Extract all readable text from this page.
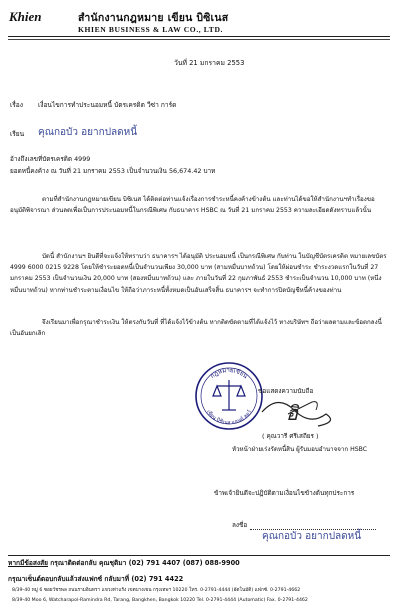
Khien	สำนักงานกฎหมาย เขียน บิซิเนส
KHIEN BUSINESS & LAW CO., LTD.
วันที่ 21 มกราคม 2553
เรื่อง เงื่อนไขการทำประนอมหนี้ บัตรเครดิต วีซ่า การ์ด
เรียน คุณกอบัว อยากปลดหนี้
อ้างถึงเลขที่บัตรเครดิต 4999
ยอดหนี้คงค้าง ณ วันที่ 21 มกราคม 2553 เป็นจำนวนเงิน 56,674.42 บาท
ตามที่สำนักงานกฎหมายเขียน บิซิเนส ได้ติดต่อท่านแจ้งเรื่องการชำระหนี้คงค้างข้างต้น และท่านได้ขอให้สำนักงานฯทำเรื่องขออนุมัติพิจารณา ส่วนลดเพื่อเป็นการประนอมหนี้ในกรณีพิเศษ กับธนาคาร HSBC ณ วันที่ 21 มกราคม 2553 ความละเอียดดังทราบแล้วนั้น
บัดนี้ สำนักงานฯ ยินดีที่จะแจ้งให้ทราบว่า ธนาคารฯ ได้อนุมัติ ประนอมหนี้ เป็นกรณีพิเศษ กับท่าน ในบัญชีบัตรเครดิต หมายเลขบัตร 4999 6000 0215 9228 โดยให้ชำระยอดหนี้เป็นจำนวนเพียง 30,000 บาท (สามหมื่นบาทถ้วน) โดยให้ผ่อนชำระ ชำระงวดแรกในวันที่ 27 มกราคม 2553 เป็นจำนวนเงิน 20,000 บาท (สองหมื่นบาทถ้วน) และ ภายในวันที่ 22 กุมภาพันธ์ 2553 ชำระเป็นจำนวน 10,000 บาท (หนึ่งหมื่นบาทถ้วน) หากท่านชำระตามเงื่อนไข ให้ถือว่าภาระหนี้ทั้งหมดเป็นอันเสร็จสิ้น ธนาคารฯ จะทำการปิดบัญชีหนี้ค้างของท่าน
จึงเรียนมาเพื่อกรุณาชำระเงิน ให้ตรงกับวันที่ ที่ได้แจ้งไว้ข้างต้น หากติดขัดตามที่ได้แจ้งไว้ ทางบริษัทฯ ถือว่าผลตามและข้อตกลงนี้เป็นอันยกเลิก
กฎหมายเขียน
เขียน บิซิเนส แอนด์ ลอว์
ขอแสดงความนับถือ
อิ
( คุณวารี ศรีเสถียร )
หัวหน้าฝ่ายเร่งรัดหนี้สิน ผู้รับมอบอำนาจจาก HSBC
ข้าพเจ้ายินดีจะปฏิบัติตามเงื่อนไขข้างต้นทุกประการ
ลงชื่อ
คุณกอบัว อยากปลดหนี้
หากมีข้อสงสัย กรุณาติดต่อกลับ คุณชุติมา (02) 791 4407 (087) 088-9900
กรุณาเซ็นต์ตอบกลับแล้วส่งแฟกซ์ กลับมาที่ (02) 791 4422
8/39-40 หมู่ 6 ซอยวัชรพล ถนนรามอินทรา แขวงท่าแร้ง เขตบางเขน กรุงเทพฯ 10220 โทร. 0-2791-4444 (อัตโนมัติ) แฟกซ์. 0-2791-4662
8/39-40 Moo 6, Watcharapol-Ramindra Rd, Tarang, Bangkhen, Bangkok 10220 Tel. 0-2791-4444 (Automatic) Fax. 0-2791-4462
